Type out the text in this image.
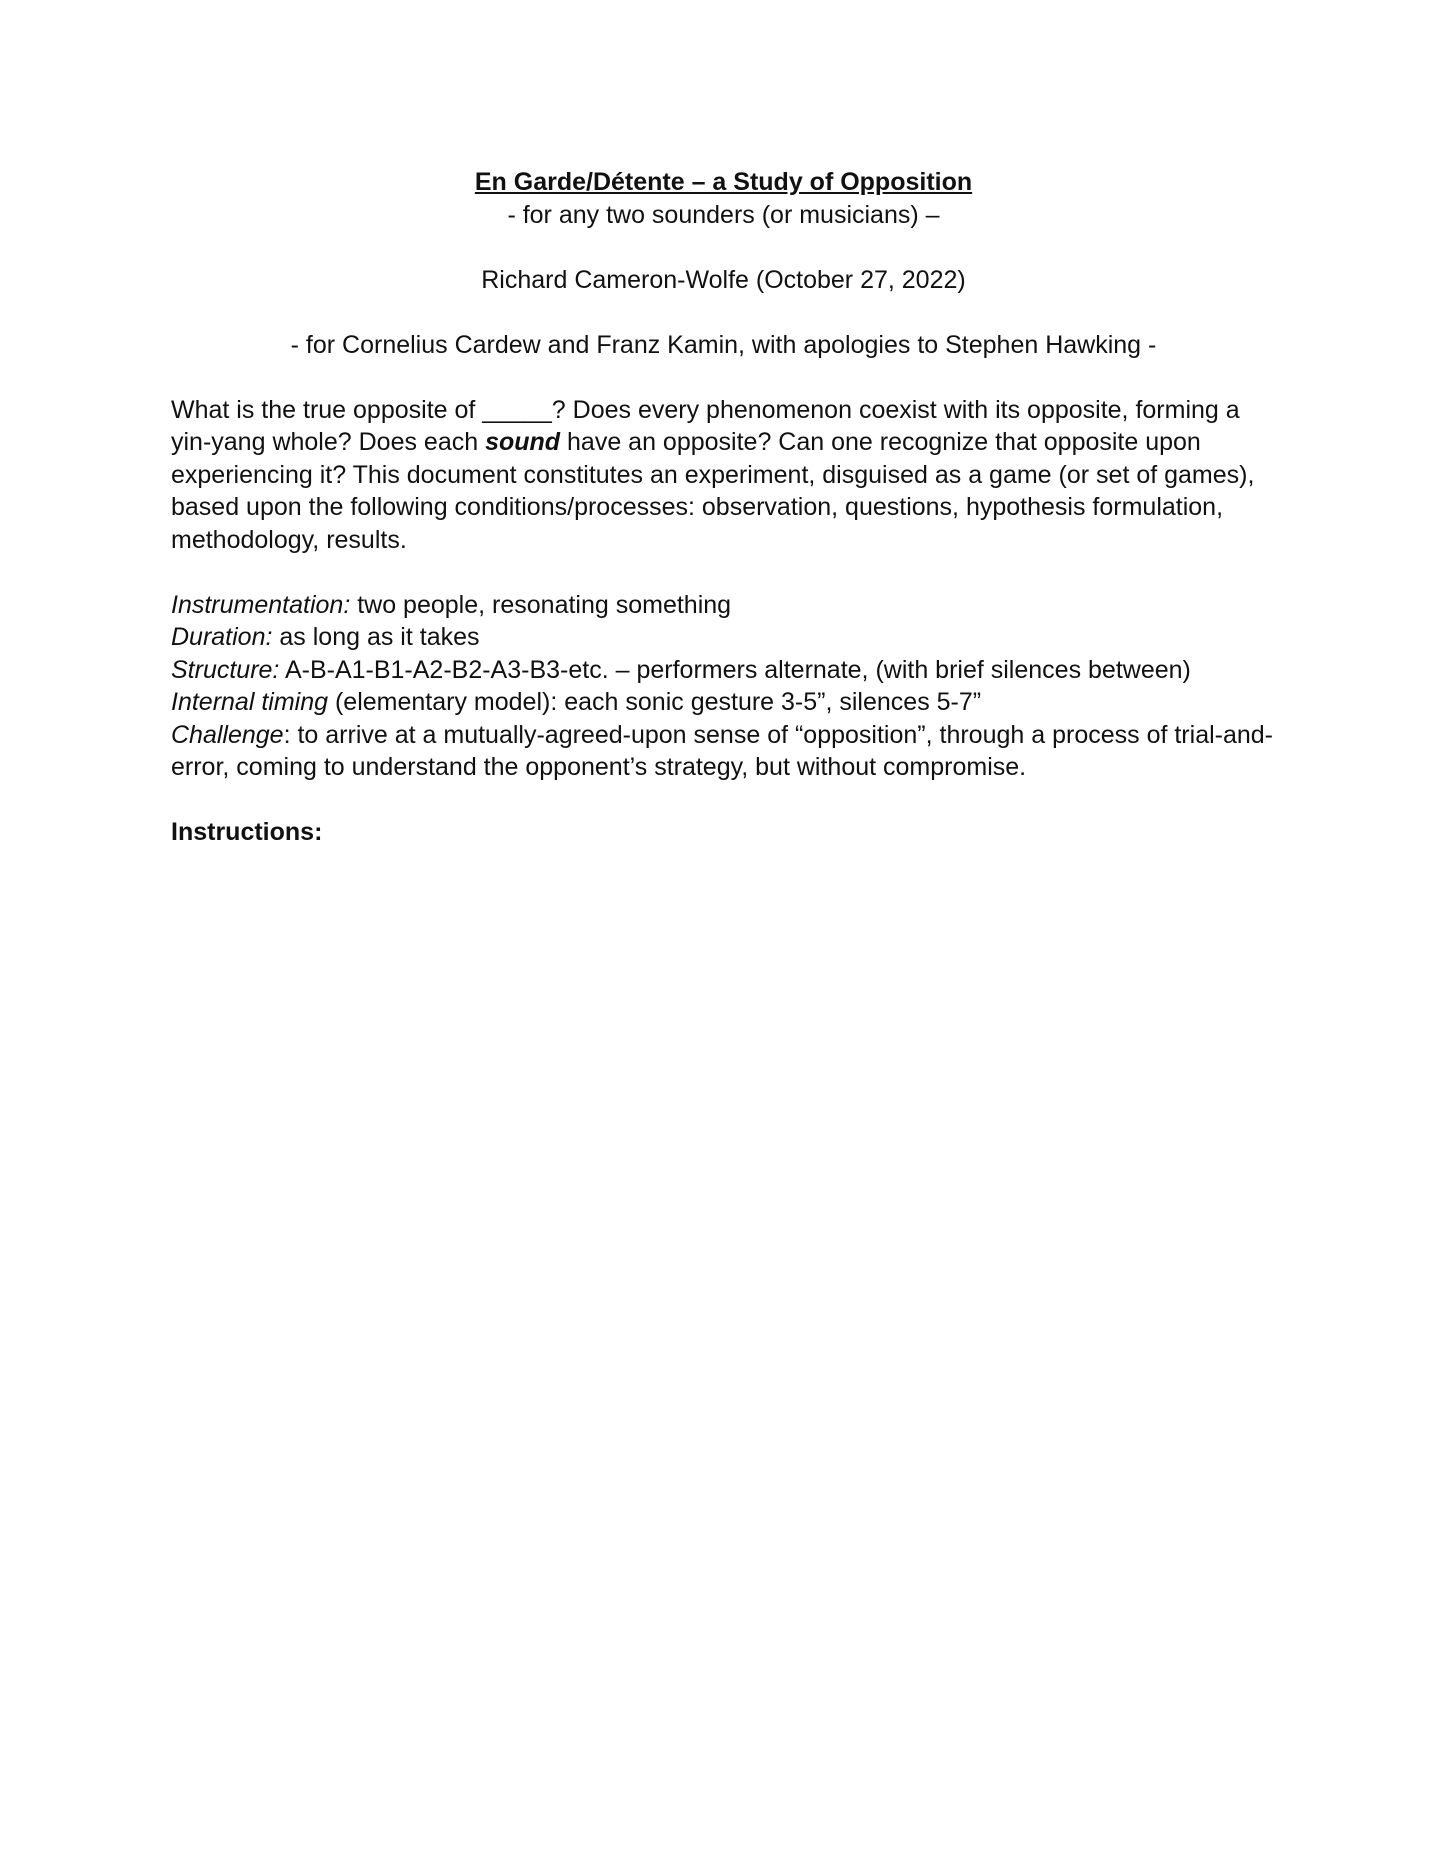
En Garde/Détente – a Study of Opposition
- for any two sounders (or musicians) –
Richard Cameron-Wolfe (October 27, 2022)
- for Cornelius Cardew and Franz Kamin, with apologies to Stephen Hawking -

What is the true opposite of _____? Does every phenomenon coexist with its opposite, forming a yin-yang whole? Does each sound have an opposite? Can one recognize that opposite upon experiencing it? This document constitutes an experiment, disguised as a game (or set of games), based upon the following conditions/processes: observation, questions, hypothesis formulation, methodology, results.

Instrumentation: two people, resonating something

Duration: as long as it takes

Structure: A-B-A1-B1-A2-B2-A3-B3-etc. – performers alternate, (with brief silences between)

Internal timing (elementary model): each sonic gesture 3-5”, silences 5-7”

Challenge: to arrive at a mutually-agreed-upon sense of “opposition”, through a process of trial-and-error, coming to understand the opponent’s strategy, but without compromise.

Instructions:
